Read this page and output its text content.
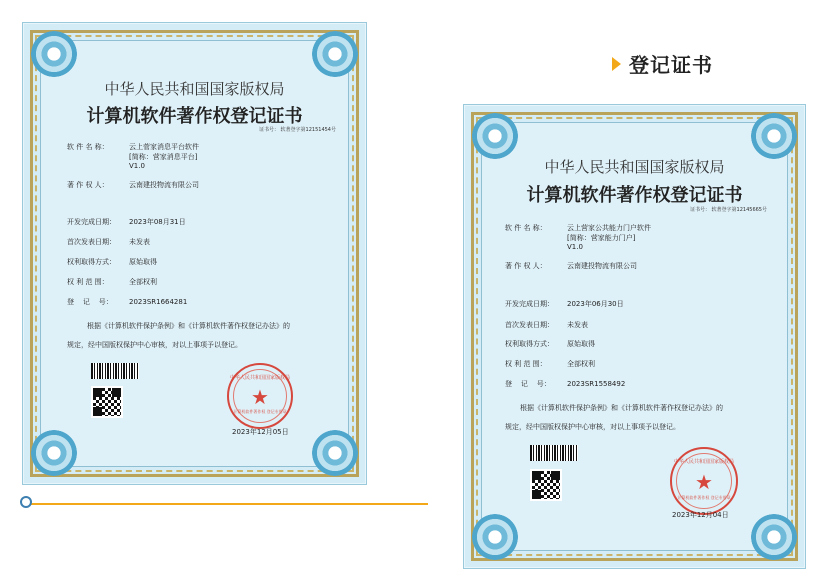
登记证书
中华人民共和国国家版权局
计算机软件著作权登记证书
证书号： 软著登字第12151454号
软 件 名 称：	云上菅家消息平台软件
[简称：营家消息平台]
V1.0
著 作 权 人：	云南建投物流有限公司
开发完成日期： 2023年08月31日
首次发表日期： 未发表
权利取得方式： 原始取得
权 利 范 围：	全部权利
登    记    号： 2023SR1664281
根据《计算机软件保护条例》和《计算机软件著作权登记办法》的
规定，经中国版权保护中心审核，对以上事项予以登记。
中华人民共和国国家版权局
★
计算机软件著作权 登记专用章
2023年12月05日
中华人民共和国国家版权局
计算机软件著作权登记证书
证书号： 软著登字第12145665号
软 件 名 称：	云上营家公共能力门户软件
[简称：营家能力门户]
V1.0
著 作 权 人：	云南建投物流有限公司
开发完成日期： 2023年06月30日
首次发表日期： 未发表
权利取得方式： 原始取得
权 利 范 围：	全部权利
登    记    号： 2023SR1558492
根据《计算机软件保护条例》和《计算机软件著作权登记办法》的
规定，经中国版权保护中心审核，对以上事项予以登记。
中华人民共和国国家版权局
★
计算机软件著作权 登记专用章
2023年12月04日
